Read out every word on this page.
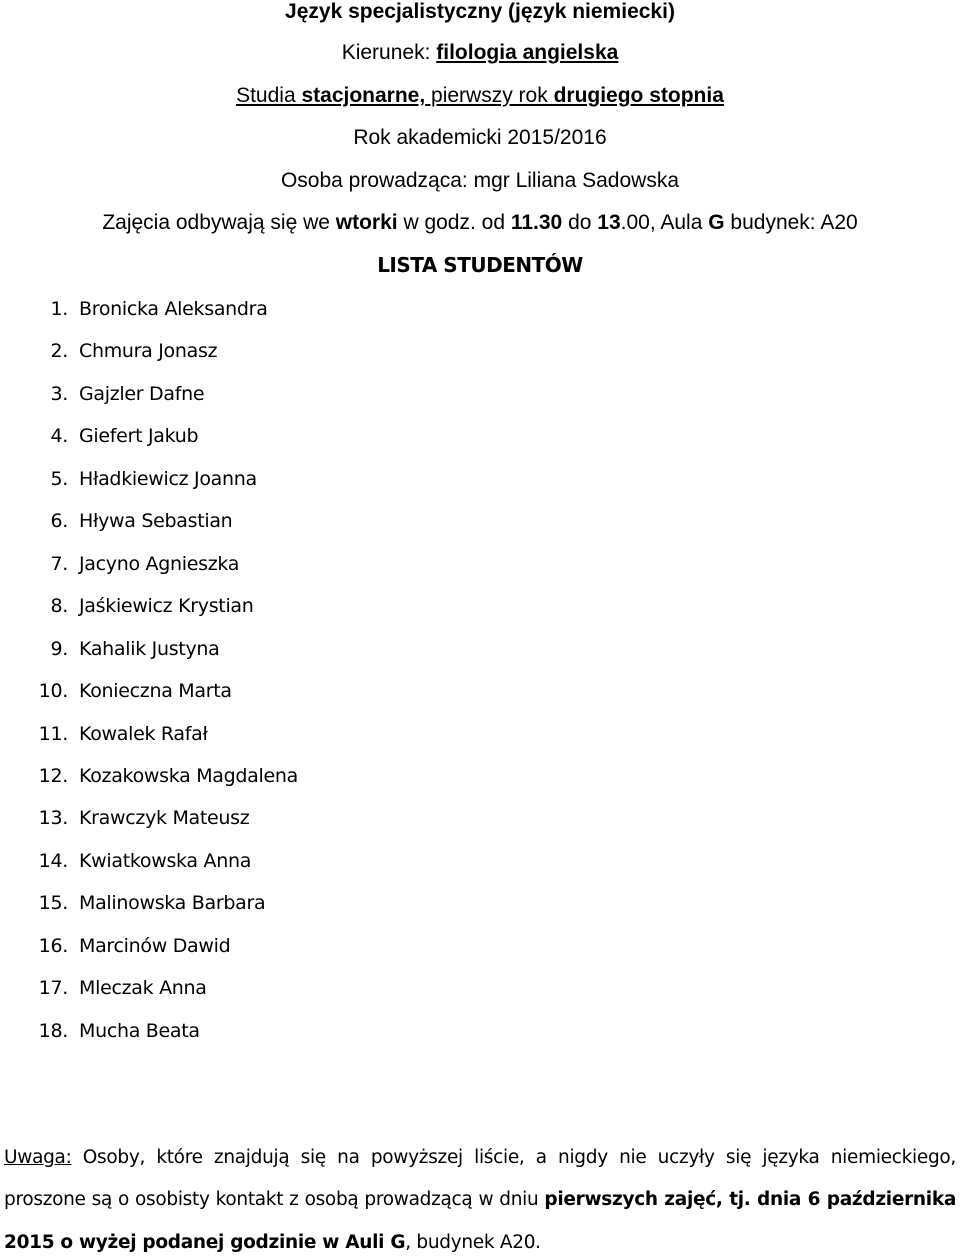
Język specjalistyczny (język niemiecki)
Kierunek: filologia angielska
Studia stacjonarne, pierwszy rok drugiego stopnia
Rok akademicki 2015/2016
Osoba prowadząca: mgr Liliana Sadowska
Zajęcia odbywają się we wtorki w godz. od 11.30 do 13.00, Aula G budynek: A20
LISTA STUDENTÓW
1. Bronicka Aleksandra
2. Chmura Jonasz
3. Gajzler Dafne
4. Giefert Jakub
5. Hładkiewicz Joanna
6. Hływa Sebastian
7. Jacyno Agnieszka
8. Jaśkiewicz Krystian
9. Kahalik Justyna
10. Konieczna Marta
11. Kowalek Rafał
12. Kozakowska Magdalena
13. Krawczyk Mateusz
14. Kwiatkowska Anna
15. Malinowska Barbara
16. Marcinów Dawid
17. Mleczak Anna
18. Mucha Beata
Uwaga: Osoby, które znajdują się na powyższej liście, a nigdy nie uczyły się języka niemieckiego,
proszone są o osobisty kontakt z osobą prowadzącą w dniu pierwszych zajęć, tj. dnia 6 października
2015 o wyżej podanej godzinie w Auli G, budynek A20.
